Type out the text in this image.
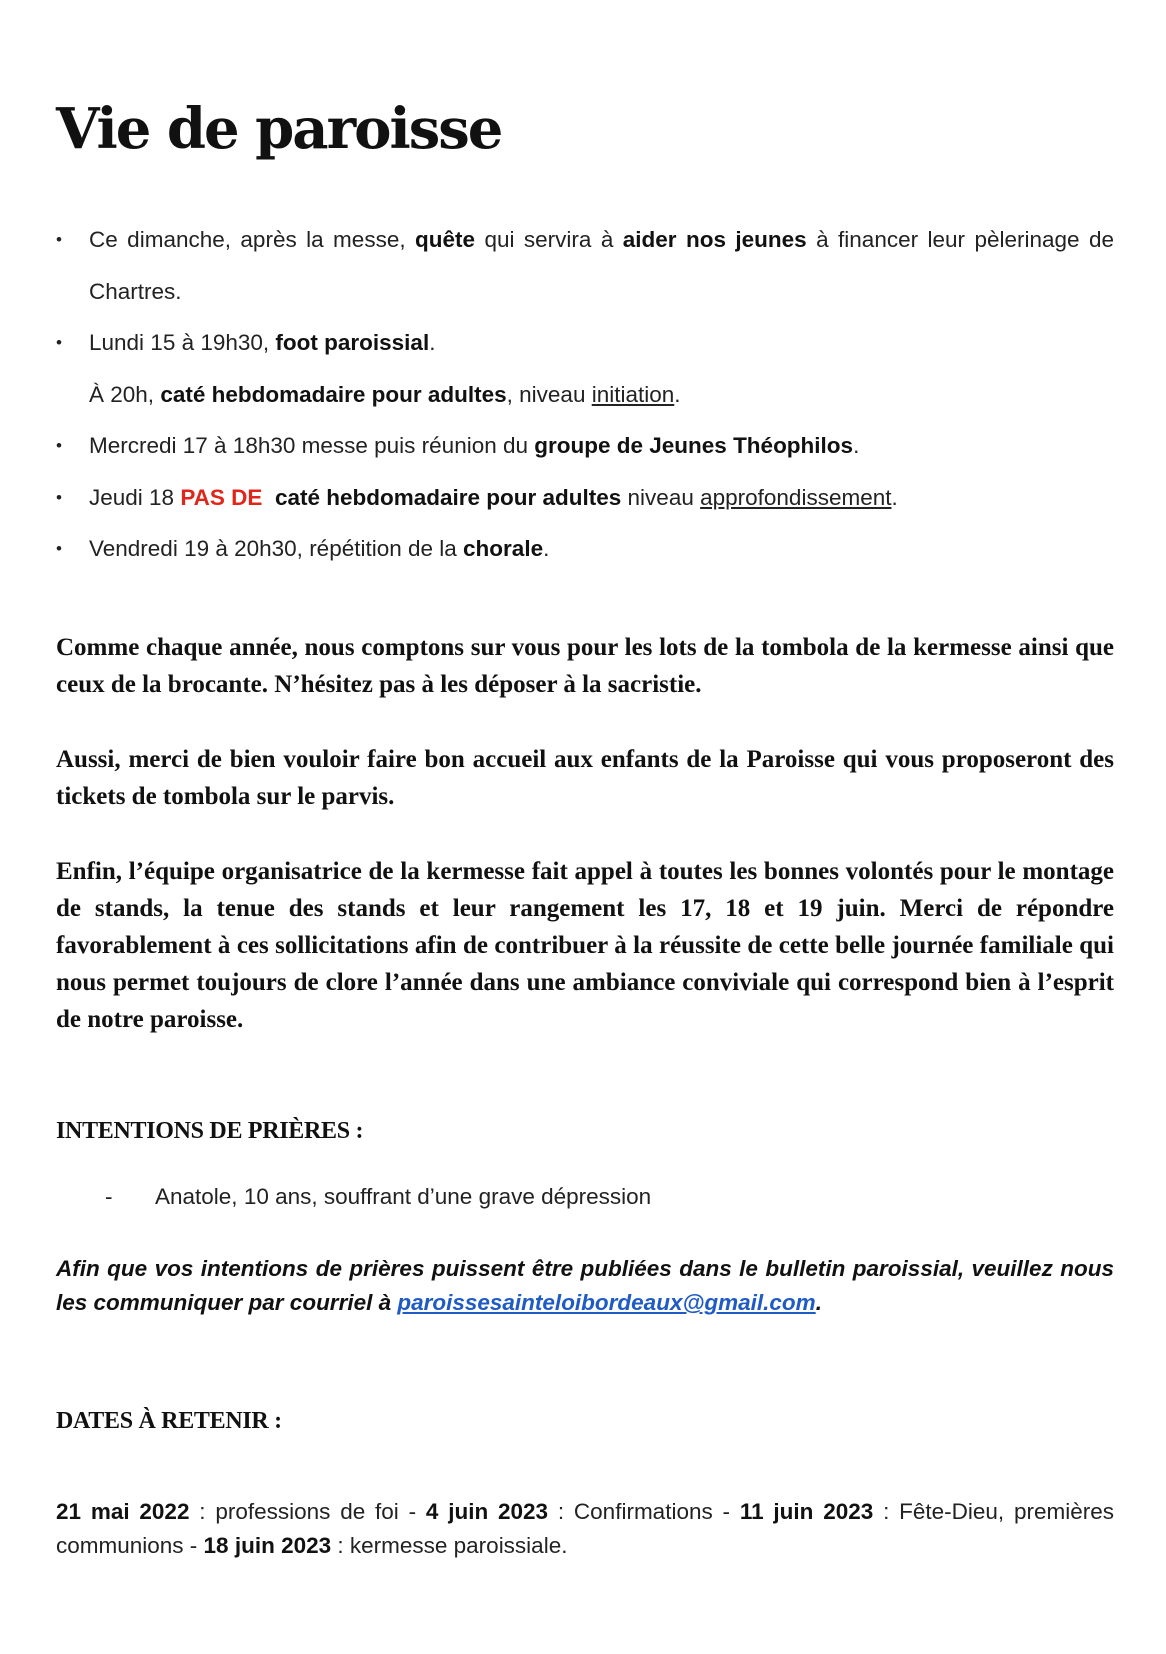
Vie de paroisse
• Ce dimanche, après la messe, quête qui servira à aider nos jeunes à financer leur pèlerinage de Chartres.
• Lundi 15 à 19h30, foot paroissial.
À 20h, caté hebdomadaire pour adultes, niveau initiation.
• Mercredi 17 à 18h30 messe puis réunion du groupe de Jeunes Théophilos.
• Jeudi 18 PAS DE caté hebdomadaire pour adultes niveau approfondissement.
• Vendredi 19 à 20h30, répétition de la chorale.

Comme chaque année, nous comptons sur vous pour les lots de la tombola de la kermesse ainsi que ceux de la brocante. N’hésitez pas à les déposer à la sacristie.

Aussi, merci de bien vouloir faire bon accueil aux enfants de la Paroisse qui vous proposeront des tickets de tombola sur le parvis.

Enfin, l’équipe organisatrice de la kermesse fait appel à toutes les bonnes volontés pour le montage de stands, la tenue des stands et leur rangement les 17, 18 et 19 juin. Merci de répondre favorablement à ces sollicitations afin de contribuer à la réussite de cette belle journée familiale qui nous permet toujours de clore l’année dans une ambiance conviviale qui correspond bien à l’esprit de notre paroisse.

INTENTIONS DE PRIÈRES :
- Anatole, 10 ans, souffrant d’une grave dépression

Afin que vos intentions de prières puissent être publiées dans le bulletin paroissial, veuillez nous les communiquer par courriel à paroissesainteloibordeaux@gmail.com.

DATES À RETENIR :

21 mai 2022 : professions de foi - 4 juin 2023 : Confirmations - 11 juin 2023 : Fête-Dieu, premières communions - 18 juin 2023 : kermesse paroissiale.
